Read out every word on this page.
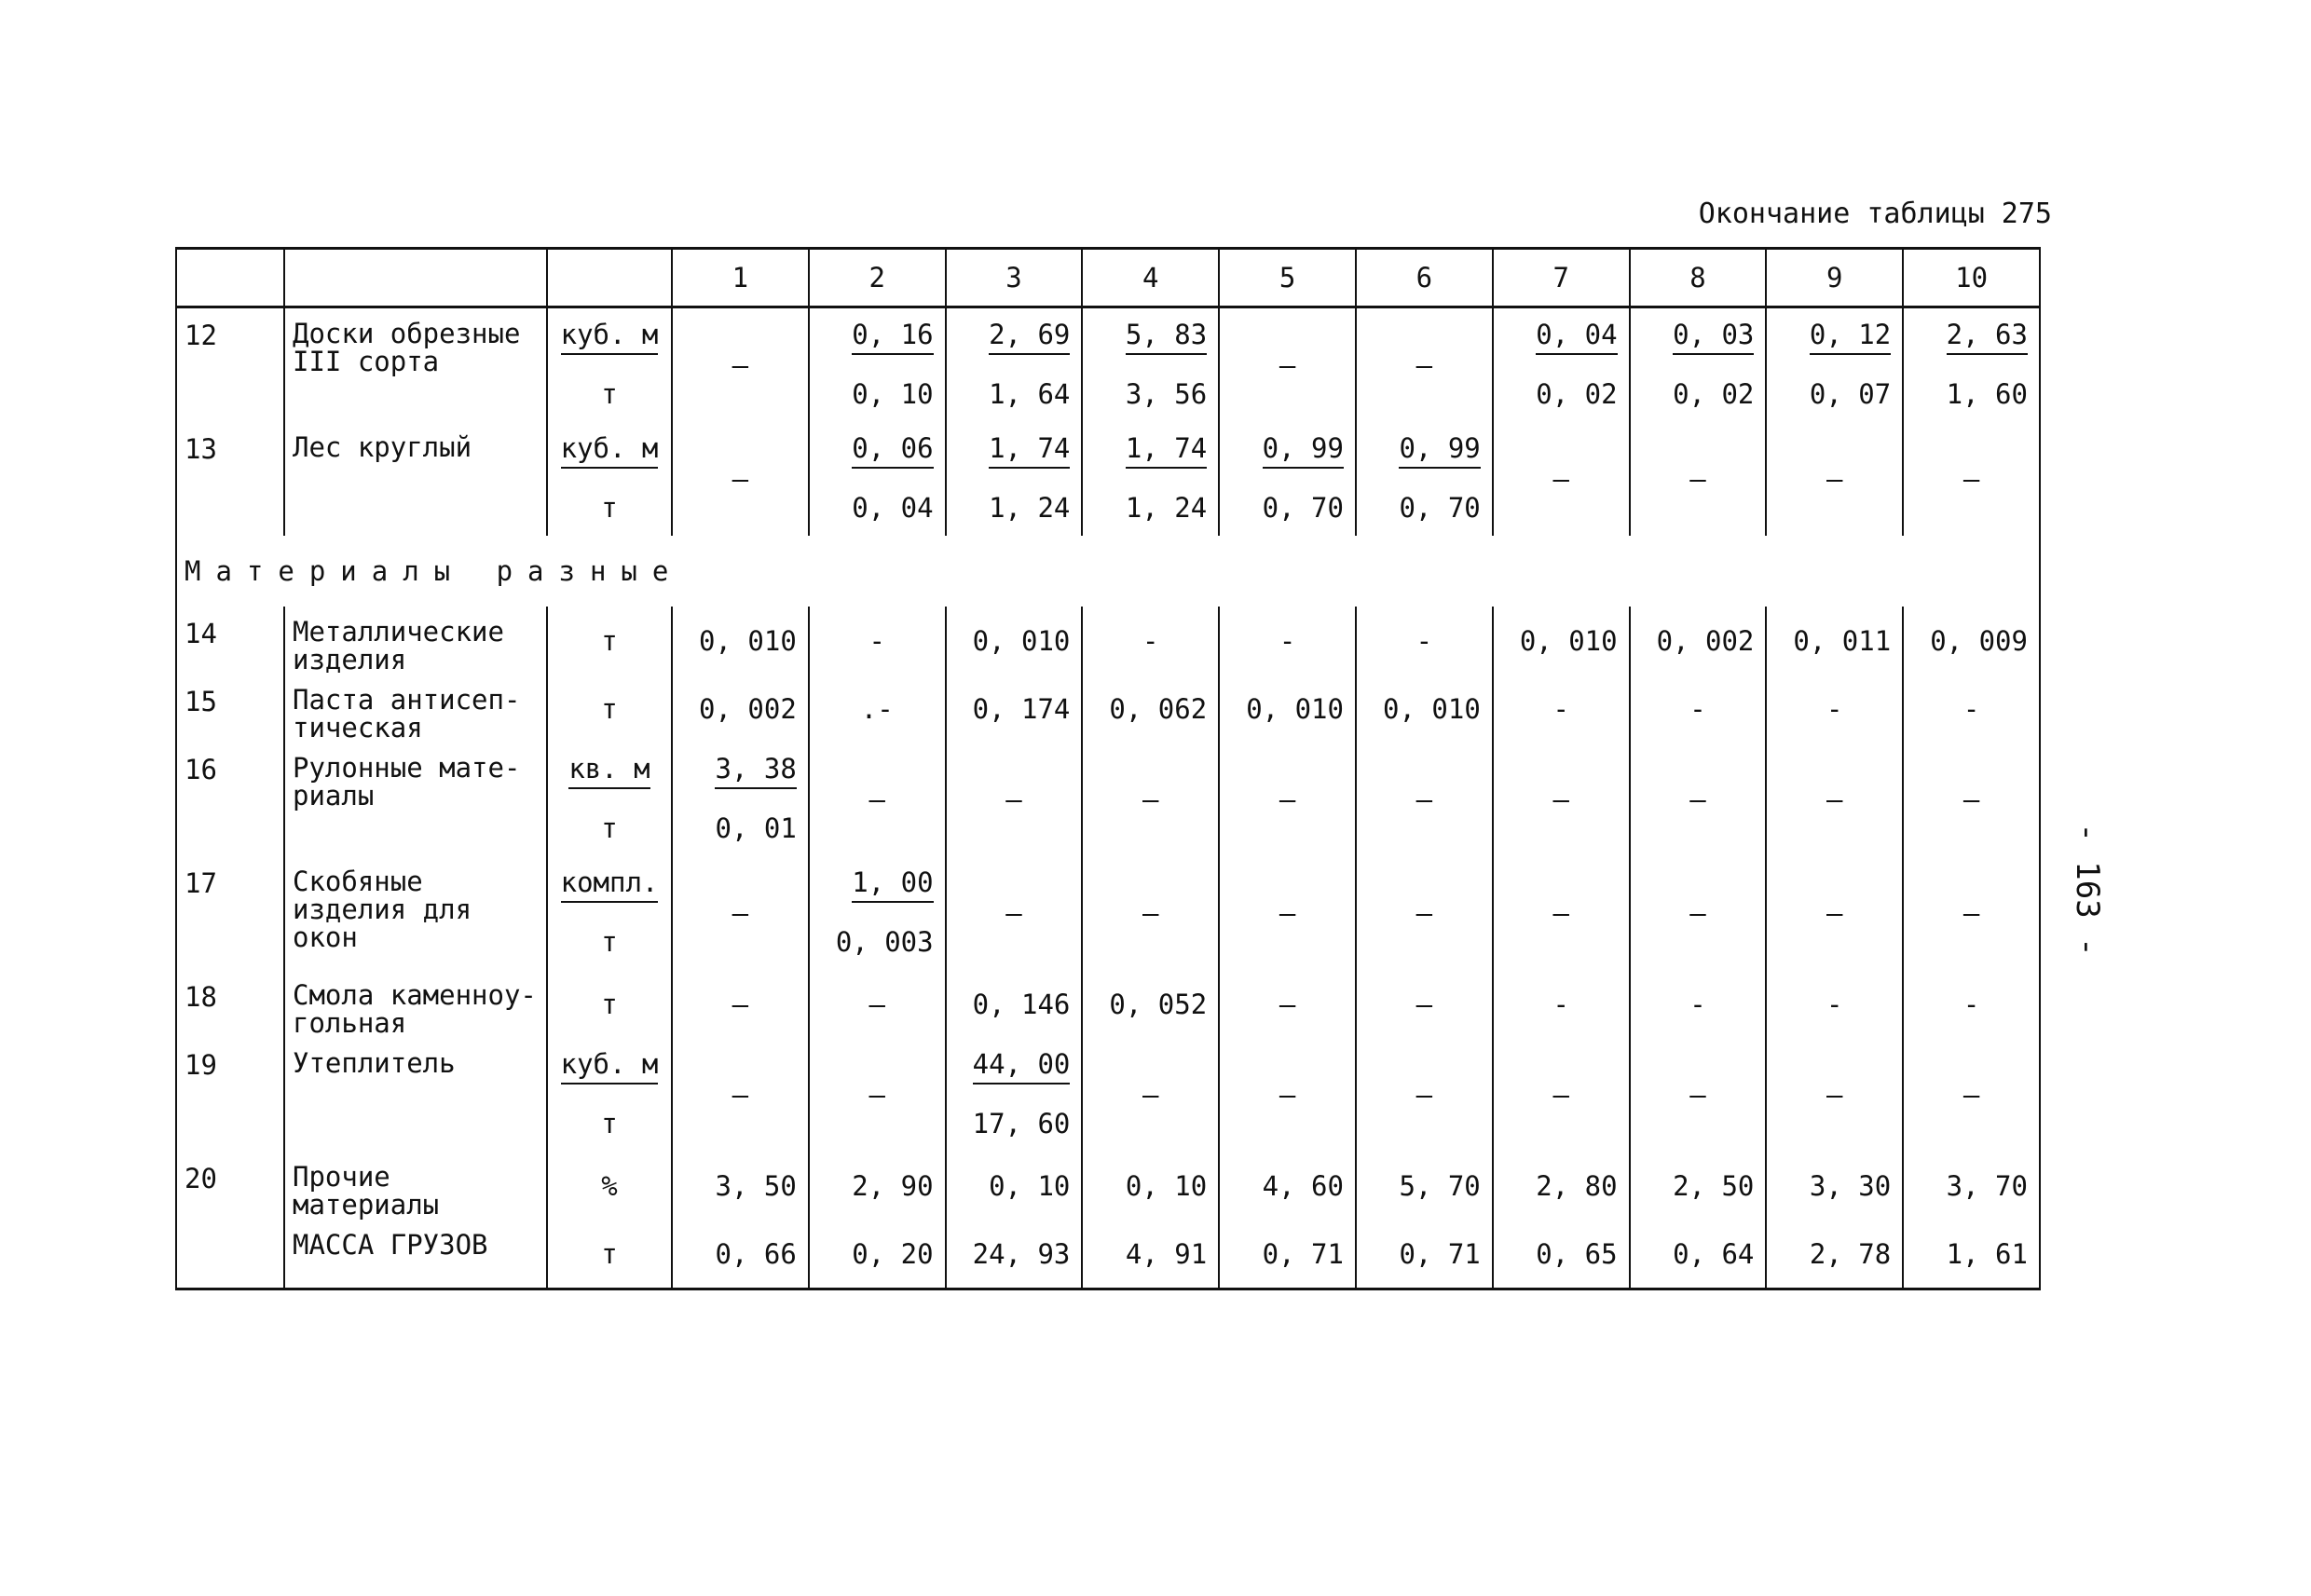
Окончание таблицы 275
- 163 -
			1	2	3	4	5	6	7	8	9	10
12	Доски обрезные III сорта	куб. м	–	0, 16	2, 69	5, 83	–	–	0, 04	0, 03	0, 12	2, 63
		т		0, 10	1, 64	3, 56			0, 02	0, 02	0, 07	1, 60
13	Лес круглый	куб. м	–	0, 06	1, 74	1, 74	0, 99	0, 99	–	–	–	–
		т		0, 04	1, 24	1, 24	0, 70	0, 70				
Материалы разные												
14	Металлические изделия	т	0, 010	-	0, 010	-	-	-	0, 010	0, 002	0, 011	0, 009
15	Паста антисеп- тическая	т	0, 002	.-	0, 174	0, 062	0, 010	0, 010	-	-	-	-
16	Рулонные мате- риалы	кв. м	3, 38	–	–	–	–	–	–	–	–	–
		т	0, 01									
17	Скобяные изделия для окон	компл.	–	1, 00	–	–	–	–	–	–	–	–
		т		0, 003								
18	Смола каменноу- гольная	т	–	–	0, 146	0, 052	–	–	-	-	-	-
19	Утеплитель	куб. м	–	–	44, 00	–	–	–	–	–	–	–
		т			17, 60							
20	Прочие материалы	%	3, 50	2, 90	0, 10	0, 10	4, 60	5, 70	2, 80	2, 50	3, 30	3, 70
	МАССА ГРУЗОВ	т	0, 66	0, 20	24, 93	4, 91	0, 71	0, 71	0, 65	0, 64	2, 78	1, 61
